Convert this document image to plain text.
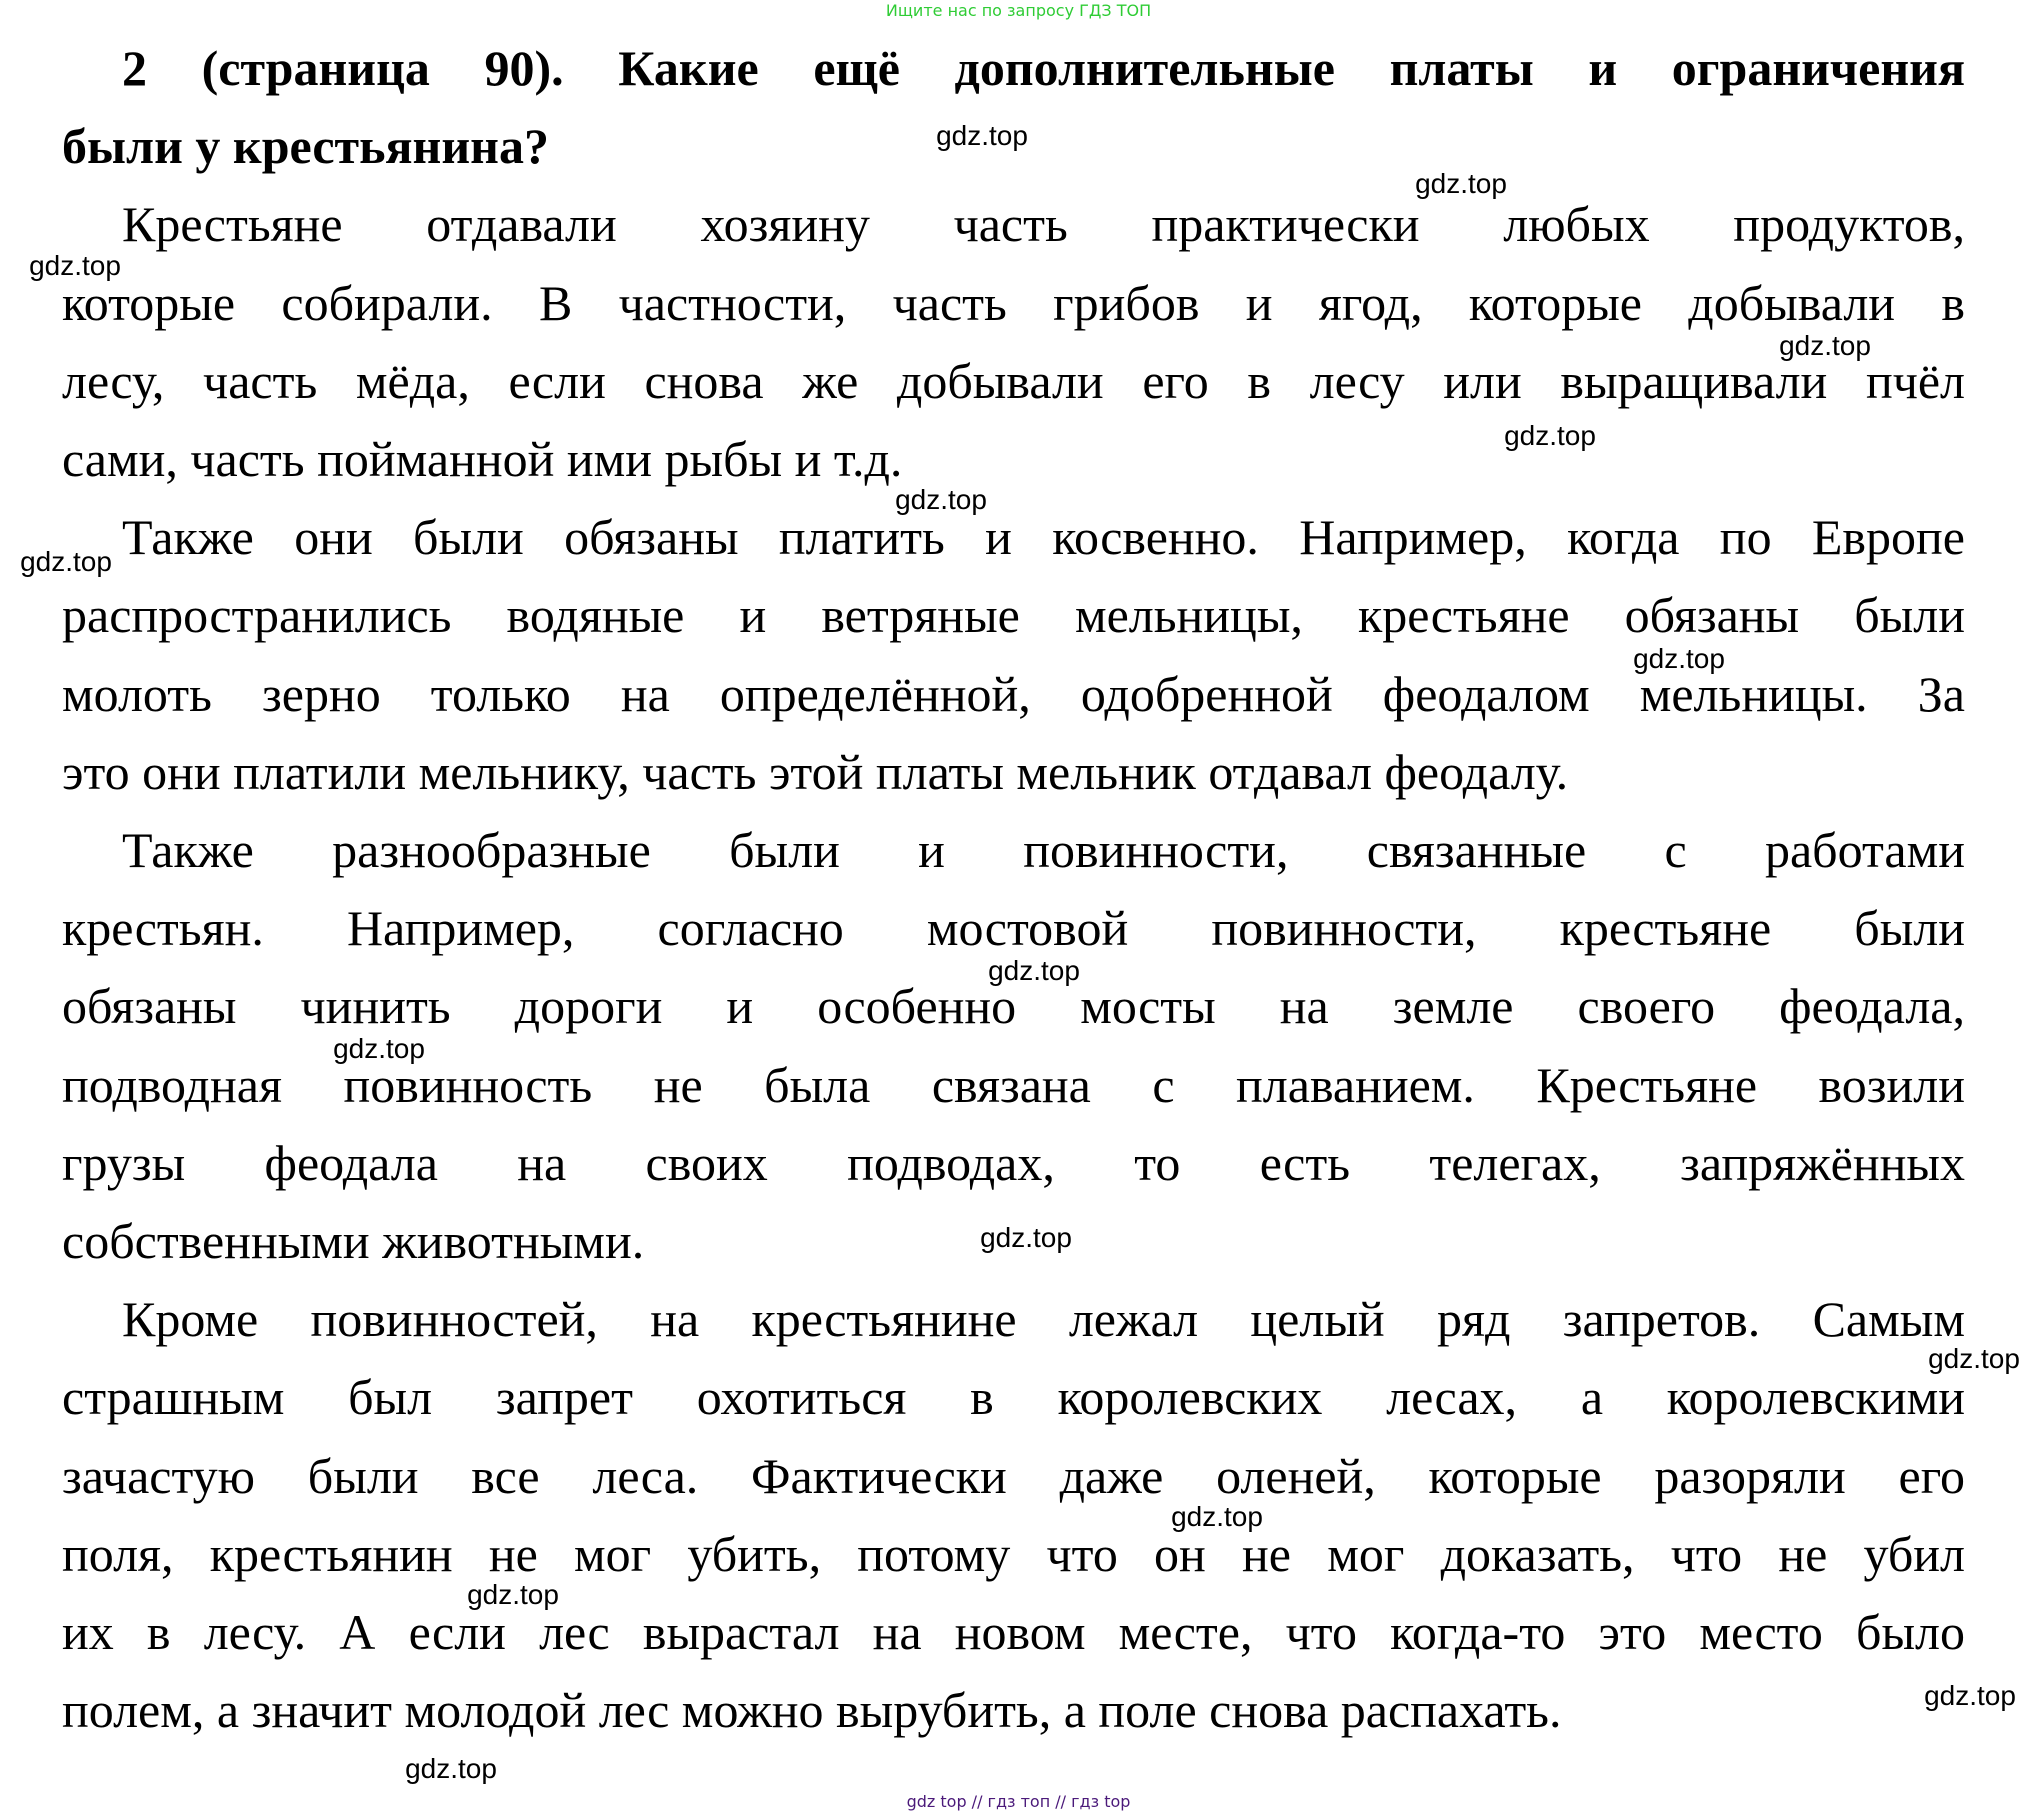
Ищите нас по запросу ГДЗ ТОП
2 (страница 90). Какие ещё дополнительные платы и ограничения
были у крестьянина?
Крестьяне отдавали хозяину часть практически любых продуктов,
которые собирали. В частности, часть грибов и ягод, которые добывали в
лесу, часть мёда, если снова же добывали его в лесу или выращивали пчёл
сами, часть пойманной ими рыбы и т.д.
Также они были обязаны платить и косвенно. Например, когда по Европе
распространились водяные и ветряные мельницы, крестьяне обязаны были
молоть зерно только на определённой, одобренной феодалом мельницы. За
это они платили мельнику, часть этой платы мельник отдавал феодалу.
Также разнообразные были и повинности, связанные с работами
крестьян. Например, согласно мостовой повинности, крестьяне были
обязаны чинить дороги и особенно мосты на земле своего феодала,
подводная повинность не была связана с плаванием. Крестьяне возили
грузы феодала на своих подводах, то есть телегах, запряжённых
собственными животными.
Кроме повинностей, на крестьянине лежал целый ряд запретов. Самым
страшным был запрет охотиться в королевских лесах, а королевскими
зачастую были все леса. Фактически даже оленей, которые разоряли его
поля, крестьянин не мог убить, потому что он не мог доказать, что не убил
их в лесу. А если лес вырастал на новом месте, что когда-то это место было
полем, а значит молодой лес можно вырубить, а поле снова распахать.
gdz.top
gdz.top
gdz.top
gdz.top
gdz.top
gdz.top
gdz.top
gdz.top
gdz.top
gdz.top
gdz.top
gdz.top
gdz.top
gdz.top
gdz.top
gdz.top
gdz top // гдз топ // гдз top
